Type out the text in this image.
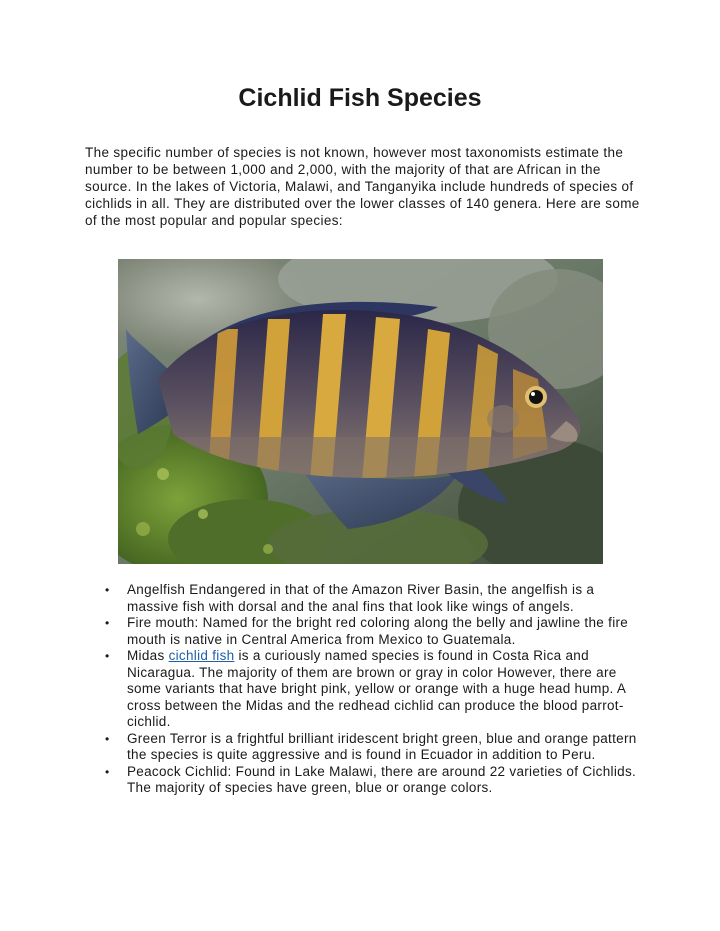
Cichlid Fish Species

The specific number of species is not known, however most taxonomists estimate the number to be between 1,000 and 2,000, with the majority of that are African in the source. In the lakes of Victoria, Malawi, and Tanganyika include hundreds of species of cichlids in all. They are distributed over the lower classes of 140 genera. Here are some of the most popular and popular species:

• Angelfish Endangered in that of the Amazon River Basin, the angelfish is a massive fish with dorsal and the anal fins that look like wings of angels.
• Fire mouth: Named for the bright red coloring along the belly and jawline the fire mouth is native in Central America from Mexico to Guatemala.
• Midas cichlid fish is a curiously named species is found in Costa Rica and Nicaragua. The majority of them are brown or gray in color However, there are some variants that have bright pink, yellow or orange with a huge head hump. A cross between the Midas and the redhead cichlid can produce the blood parrot-cichlid.
• Green Terror is a frightful brilliant iridescent bright green, blue and orange pattern the species is quite aggressive and is found in Ecuador in addition to Peru.
• Peacock Cichlid: Found in Lake Malawi, there are around 22 varieties of Cichlids. The majority of species have green, blue or orange colors.
